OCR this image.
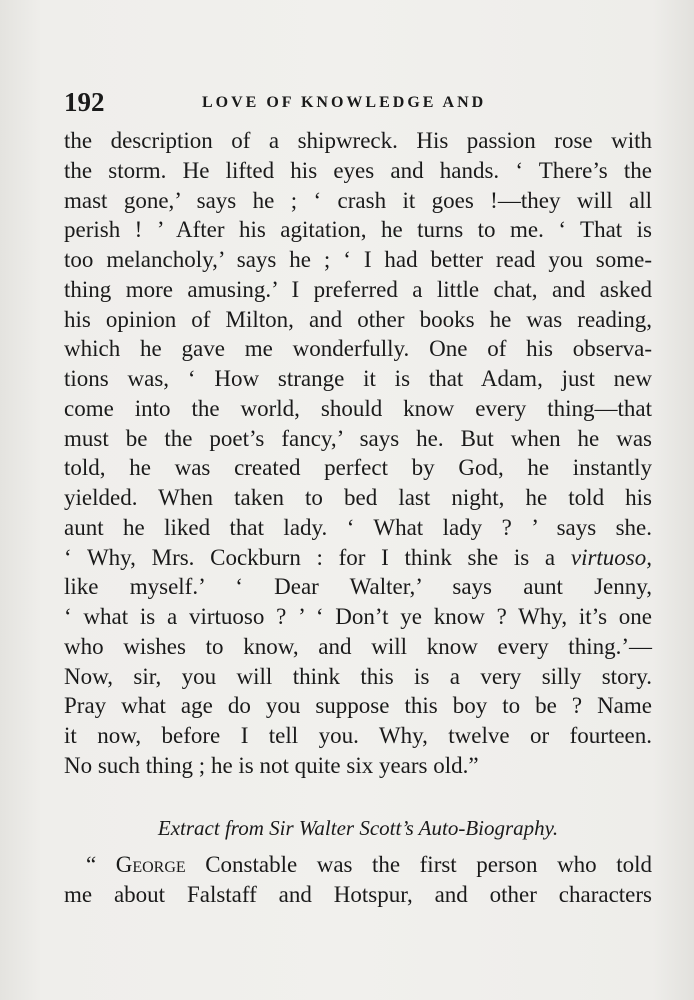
192	LOVE OF KNOWLEDGE AND
the description of a shipwreck. His passion rose with
the storm. He lifted his eyes and hands. ‘ There’s the
mast gone,’ says he ; ‘ crash it goes !—they will all
perish ! ’ After his agitation, he turns to me. ‘ That is
too melancholy,’ says he ; ‘ I had better read you some-
thing more amusing.’ I preferred a little chat, and asked
his opinion of Milton, and other books he was reading,
which he gave me wonderfully. One of his observa-
tions was, ‘ How strange it is that Adam, just new
come into the world, should know every thing—that
must be the poet’s fancy,’ says he. But when he was
told, he was created perfect by God, he instantly
yielded. When taken to bed last night, he told his
aunt he liked that lady. ‘ What lady ? ’ says she.
‘ Why, Mrs. Cockburn : for I think she is a virtuoso,
like myself.’ ‘ Dear Walter,’ says aunt Jenny,
‘ what is a virtuoso ? ’ ‘ Don’t ye know ? Why, it’s one
who wishes to know, and will know every thing.’—
Now, sir, you will think this is a very silly story.
Pray what age do you suppose this boy to be ? Name
it now, before I tell you. Why, twelve or fourteen.
No such thing ; he is not quite six years old.”
Extract from Sir Walter Scott’s Auto-Biography.
“ George Constable was the first person who told
me about Falstaff and Hotspur, and other characters
